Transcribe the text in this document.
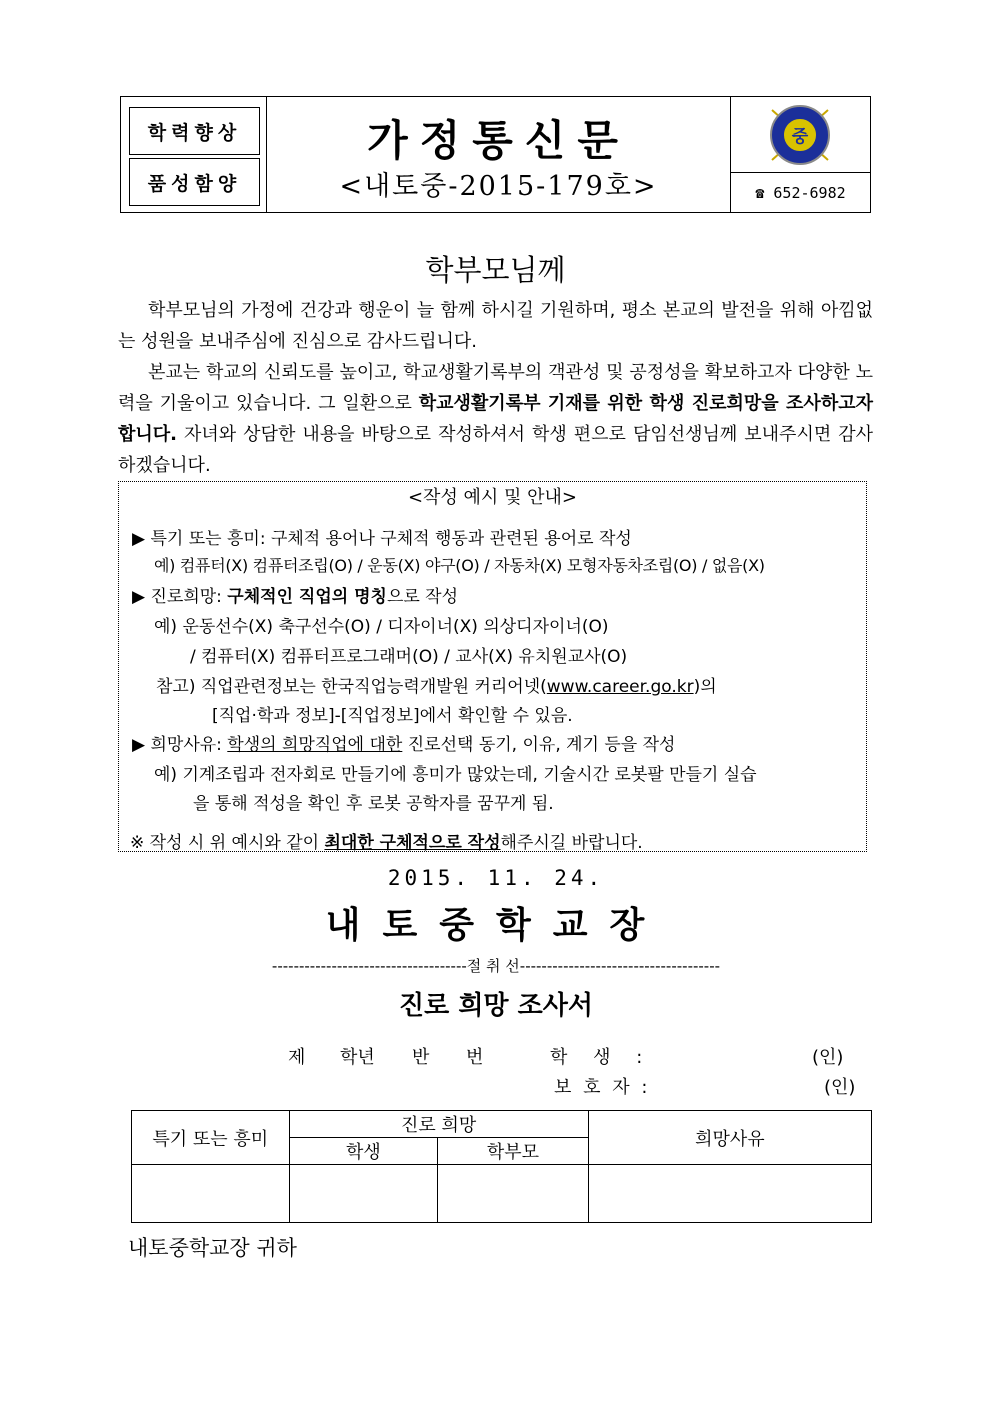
학력향상
품성함양
가정통신문
<내토중-2015-179호>
중
☎
652-6982
학부모님께

학부모님의 가정에 건강과 행운이 늘 함께 하시길 기원하며, 평소 본교의 발전을 위해 아낌없는 성원을 보내주심에 진심으로 감사드립니다.

본교는 학교의 신뢰도를 높이고, 학교생활기록부의 객관성 및 공정성을 확보하고자 다양한 노력을 기울이고 있습니다. 그 일환으로 학교생활기록부 기재를 위한 학생 진로희망을 조사하고자 합니다. 자녀와 상담한 내용을 바탕으로 작성하셔서 학생 편으로 담임선생님께 보내주시면 감사하겠습니다.

<작성 예시 및 안내>
▶ 특기 또는 흥미: 구체적 용어나 구체적 행동과 관련된 용어로 작성
예) 컴퓨터(X) 컴퓨터조립(O) / 운동(X) 야구(O) / 자동차(X) 모형자동차조립(O) / 없음(X)
▶ 진로희망: 구체적인 직업의 명칭으로 작성
예) 운동선수(X) 축구선수(O) / 디자이너(X) 의상디자이너(O)
/ 컴퓨터(X) 컴퓨터프로그래머(O) / 교사(X) 유치원교사(O)
참고) 직업관련정보는 한국직업능력개발원 커리어넷(www.career.go.kr)의
[직업·학과 정보]-[직업정보]에서 확인할 수 있음.
▶ 희망사유: 학생의 희망직업에 대한 진로선택 동기, 이유, 계기 등을 작성
예) 기계조립과 전자회로 만들기에 흥미가 많았는데, 기술시간 로봇팔 만들기 실습
을 통해 적성을 확인 후 로봇 공학자를 꿈꾸게 됨.
※ 작성 시 위 예시와 같이 최대한 구체적으로 작성해주시길 바랍니다.
2015. 11. 24.
내토중학교장
------------------------------------절 취 선-------------------------------------
진로 희망 조사서
제 학년 반 번	학 생 :	(인)
보 호 자 :	(인)
특기 또는 흥미	진로 희망		희망사유
	학생	학부모	

내토중학교장 귀하
